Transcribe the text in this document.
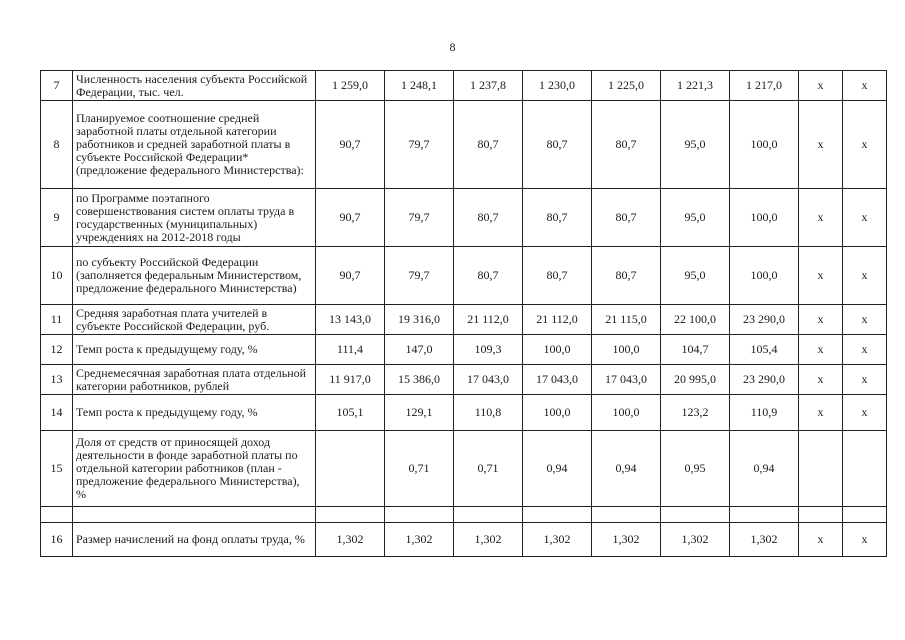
8
7	Численность населения субъекта Российской Федерации, тыс. чел.	1 259,0	1 248,1	1 237,8	1 230,0	1 225,0	1 221,3	1 217,0	x	x
8	Планируемое соотношение средней заработной платы отдельной категории работников и средней заработной платы в субъекте Российской Федерации*(предложение федерального Министерства):	90,7	79,7	80,7	80,7	80,7	95,0	100,0	x	x
9	по Программе поэтапного совершенствования систем оплаты труда в государственных (муниципальных) учреждениях на 2012-2018 годы	90,7	79,7	80,7	80,7	80,7	95,0	100,0	x	x
10	по субъекту Российской Федерации (заполняется федеральным Министерством, предложение федерального Министерства)	90,7	79,7	80,7	80,7	80,7	95,0	100,0	x	x
11	Средняя заработная плата учителей в субъекте Российской Федерации, руб.	13 143,0	19 316,0	21 112,0	21 112,0	21 115,0	22 100,0	23 290,0	x	x
12	Темп роста к предыдущему году, %	111,4	147,0	109,3	100,0	100,0	104,7	105,4	x	x
13	Среднемесячная заработная плата отдельной категории работников, рублей	11 917,0	15 386,0	17 043,0	17 043,0	17 043,0	20 995,0	23 290,0	x	x
14	Темп роста к предыдущему году, %	105,1	129,1	110,8	100,0	100,0	123,2	110,9	x	x
15	Доля от средств от приносящей доход деятельности в фонде заработной платы по отдельной категории работников (план - предложение федерального Министерства), %		0,71	0,71	0,94	0,94	0,95	0,94		

16	Размер начислений на фонд оплаты труда, %	1,302	1,302	1,302	1,302	1,302	1,302	1,302	x	x
